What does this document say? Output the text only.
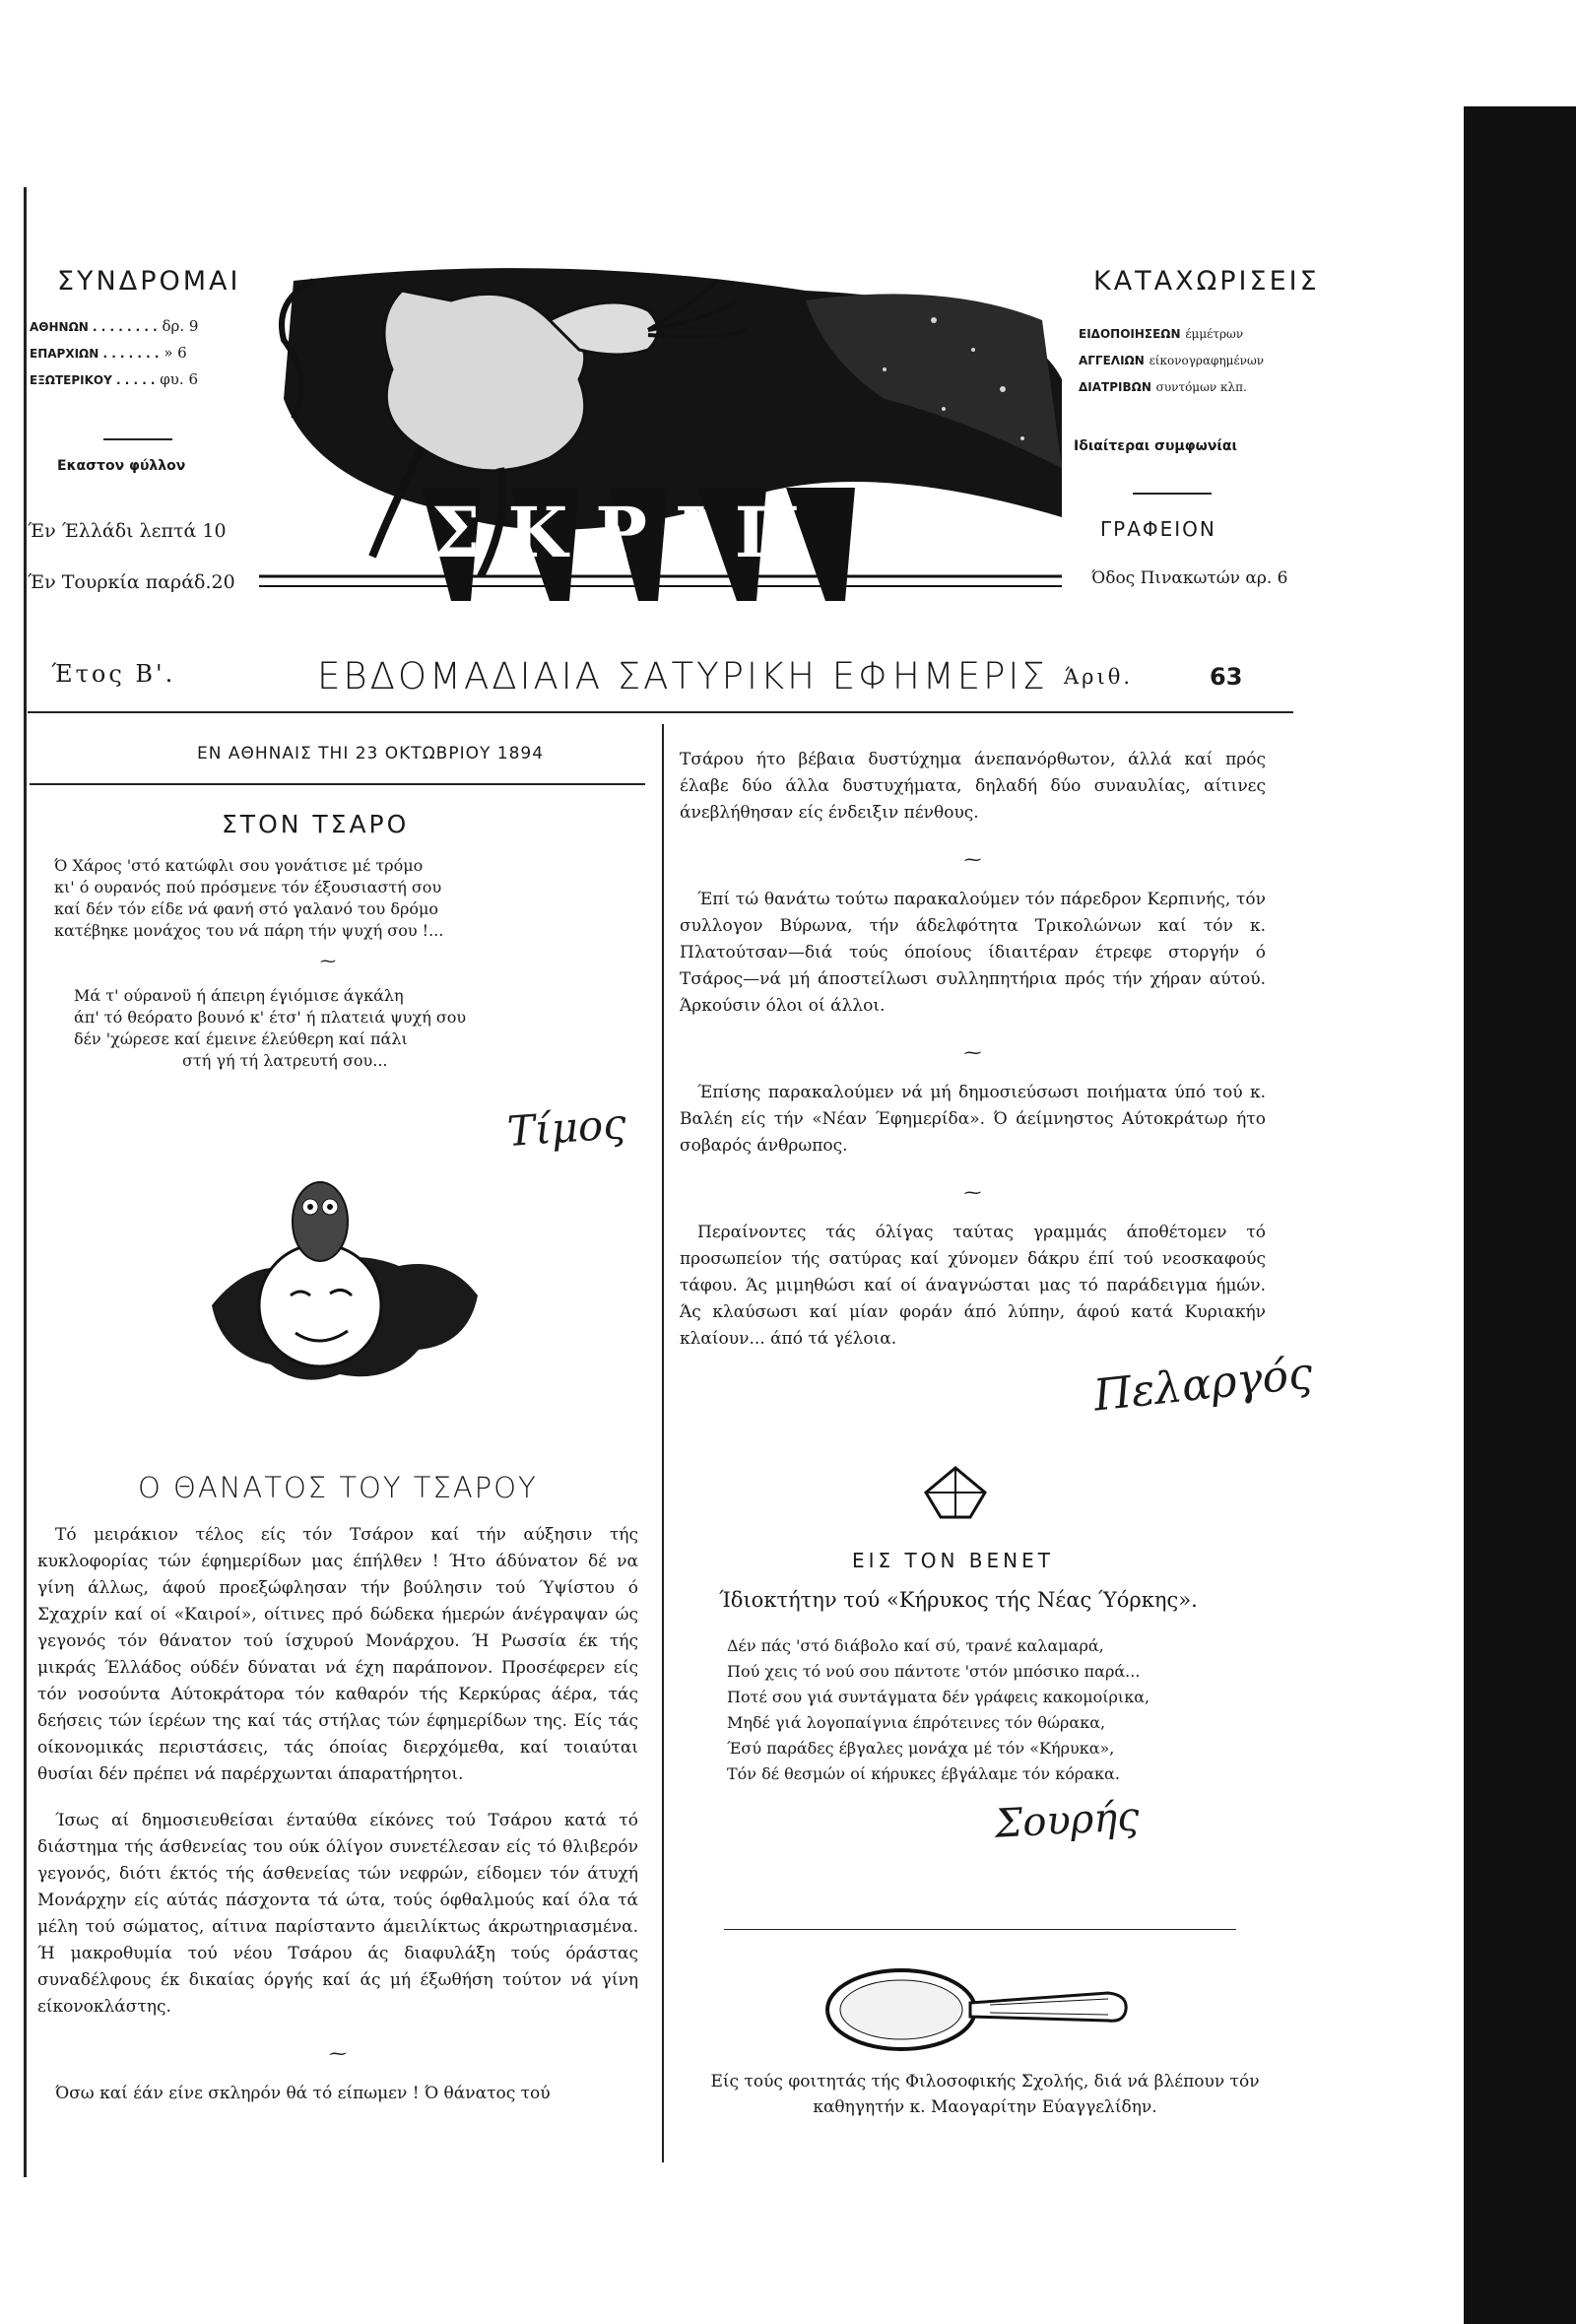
ΣΥΝΔΡΟΜΑΙ
ΑΘΗΝΩΝ . . . . . . . . δρ. 9
ΕΠΑΡΧΙΩΝ . . . . . . . » 6
ΕΞΩΤΕΡΙΚΟΥ . . . . . φυ. 6
Εκαστον φύλλον
Έν Έλλάδι λεπτά 10
Έν Τουρκία παράδ.20
ΣΚΡΙΠ
ΚΑΤΑΧΩΡΙΣΕΙΣ
ΕΙΔΟΠΟΙΗΣΕΩΝ έμμέτρων
ΑΓΓΕΛΙΩΝ είκονογραφημένων
ΔΙΑΤΡΙΒΩΝ συντόμων κλπ.
Ιδιαίτεραι συμφωνίαι
ΓΡΑΦΕΙΟΝ
Όδος Πινακωτών αρ. 6
Έτος Β'.	ΕΒΔΟΜΑΔΙΑΙΑ ΣΑΤΥΡΙΚΗ ΕΦΗΜΕΡΙΣ Άριθ.	63
ΕΝ ΑΘΗΝΑΙΣ ΤΗΙ 23 ΟΚΤΩΒΡΙΟΥ 1894
ΣΤΟΝ ΤΣΑΡΟ
Ό Χάρος 'στό κατώφλι σου γονάτισε μέ τρόμο
κι' ό ουρανός πού πρόσμενε τόν έξουσιαστή σου
καί δέν τόν είδε νά φανή στό γαλανό του δρόμο
κατέβηκε μονάχος του νά πάρη τήν ψυχή σου !...
⁓
Μά τ' ούρανοϋ ή άπειρη έγιόμισε άγκάλη
άπ' τό θεόρατο βουνό κ' έτσ' ή πλατειά ψυχή σου
δέν 'χώρεσε καί έμεινε έλεύθερη καί πάλι
στή γή τή λατρευτή σου...
Τίμος
Ο ΘΑΝΑΤΟΣ ΤΟΥ ΤΣΑΡΟΥ

Τό μειράκιον τέλος είς τόν Τσάρον καί τήν αύξησιν τής κυκλοφορίας τών έφημερίδων μας έπήλθεν ! Ήτο άδύνατον δέ να γίνη άλλως, άφού προεξώφλησαν τήν βούλησιν τού Ύψίστου ό Σχαχρίν καί οί «Καιροί», οίτινες πρό δώδεκα ήμερών άνέγραψαν ώς γεγονός τόν θάνατον τού ίσχυρού Μονάρχου. Ή Ρωσσία έκ τής μικράς Έλλάδος ούδέν δύναται νά έχη παράπονον. Προσέφερεν είς τόν νοσούντα Αύτοκράτορα τόν καθαρόν τής Κερκύρας άέρα, τάς δεήσεις τών ίερέων της καί τάς στήλας τών έφημερίδων της. Είς τάς οίκονομικάς περιστάσεις, τάς όποίας διερχόμεθα, καί τοιαύται θυσίαι δέν πρέπει νά παρέρχωνται άπαρατήρητοι.

Ίσως αί δημοσιευθείσαι ένταύθα είκόνες τού Τσάρου κατά τό διάστημα τής άσθενείας του ούκ όλίγον συνετέλεσαν είς τό θλιβερόν γεγονός, διότι έκτός τής άσθενείας τών νεφρών, είδομεν τόν άτυχή Μονάρχην είς αύτάς πάσχοντα τά ώτα, τούς όφθαλμούς καί όλα τά μέλη τού σώματος, αίτινα παρίσταντο άμειλίκτως άκρωτηριασμένα. Ή μακροθυμία τού νέου Τσάρου άς διαφυλάξη τούς όράστας συναδέλφους έκ δικαίας όργής καί άς μή έξωθήση τούτον νά γίνη είκονοκλάστης.

⁓

Όσω καί έάν είνε σκληρόν θά τό είπωμεν ! Ό θάνατος τού

Τσάρου ήτο βέβαια δυστύχημα άνεπανόρθωτον, άλλά καί πρός έλαβε δύο άλλα δυστυχήματα, δηλαδή δύο συναυλίας, αίτινες άνεβλήθησαν είς ένδειξιν πένθους.

⁓

Έπί τώ θανάτω τούτω παρακαλούμεν τόν πάρεδρον Κερπινής, τόν συλλογον Βύρωνα, τήν άδελφότητα Τρικολώνων καί τόν κ. Πλατούτσαν—διά τούς όποίους ίδιαιτέραν έτρεφε στοργήν ό Τσάρος—νά μή άποστείλωσι συλληπητήρια πρός τήν χήραν αύτού. Άρκούσιν όλοι οί άλλοι.

⁓

Έπίσης παρακαλούμεν νά μή δημοσιεύσωσι ποιήματα ύπό τού κ. Βαλέη είς τήν «Νέαν Έφημερίδα». Ό άείμνηστος Αύτοκράτωρ ήτο σοβαρός άνθρωπος.

⁓

Περαίνοντες τάς όλίγας ταύτας γραμμάς άποθέτομεν τό προσωπείον τής σατύρας καί χύνομεν δάκρυ έπί τού νεοσκαφούς τάφου. Άς μιμηθώσι καί οί άναγνώσται μας τό παράδειγμα ήμών. Άς κλαύσωσι καί μίαν φοράν άπό λύπην, άφού κατά Κυριακήν κλαίουν... άπό τά γέλοια.

Πελαργός
ΕΙΣ ΤΟΝ ΒΕΝΕΤ
Ίδιοκτήτην τού «Κήρυκος τής Νέας Ύόρκης».
Δέν πάς 'στό διάβολο καί σύ, τρανέ καλαμαρά,
Πού χεις τό νού σου πάντοτε 'στόν μπόσικο παρά...
Ποτέ σου γιά συντάγματα δέν γράφεις κακομοίρικα,
Μηδέ γιά λογοπαίγνια έπρότεινες τόν θώρακα,
Έσύ παράδες έβγαλες μονάχα μέ τόν «Κήρυκα»,
Τόν δέ θεσμών οί κήρυκες έβγάλαμε τόν κόρακα.
Σουρής
Είς τούς φοιτητάς τής Φιλοσοφικής Σχολής, διά νά βλέπουν τόν καθηγητήν κ. Μαογαρίτην Εύαγγελίδην.
